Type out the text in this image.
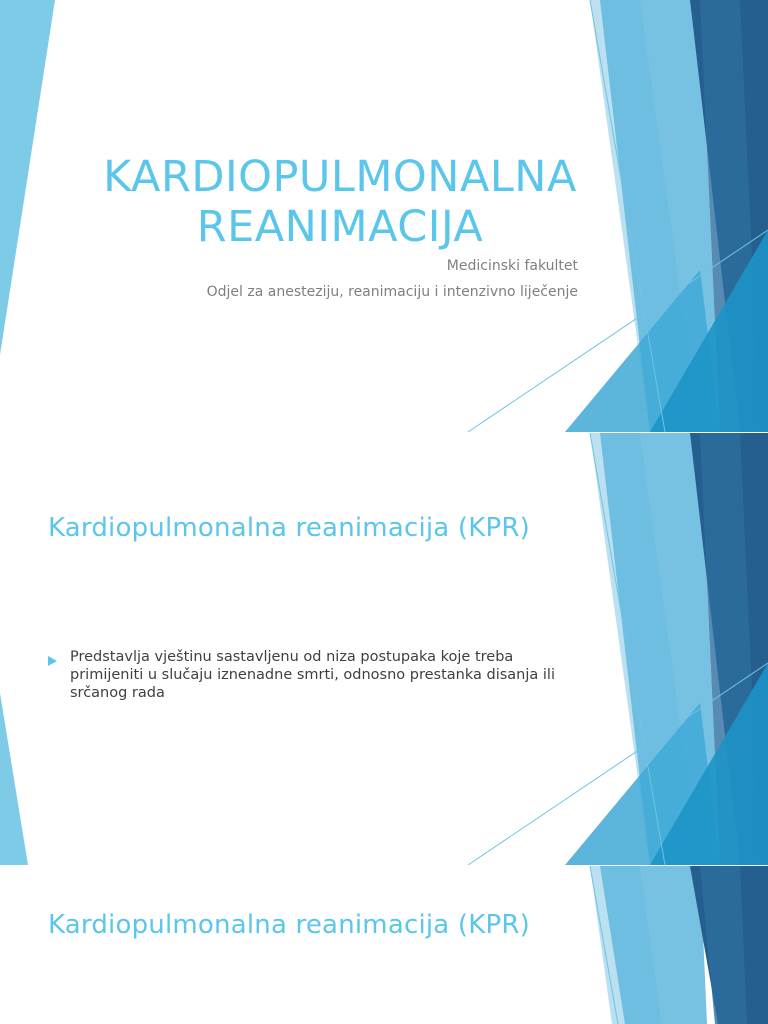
KARDIOPULMONALNA REANIMACIJA

Medicinski fakultet

Odjel za anesteziju, reanimaciju i intenzivno liječenje

Kardiopulmonalna reanimacija (KPR)

Predstavlja vještinu sastavljenu od niza postupaka koje treba primijeniti u slučaju iznenadne smrti, odnosno prestanka disanja ili srčanog rada

Kardiopulmonalna reanimacija (KPR)
